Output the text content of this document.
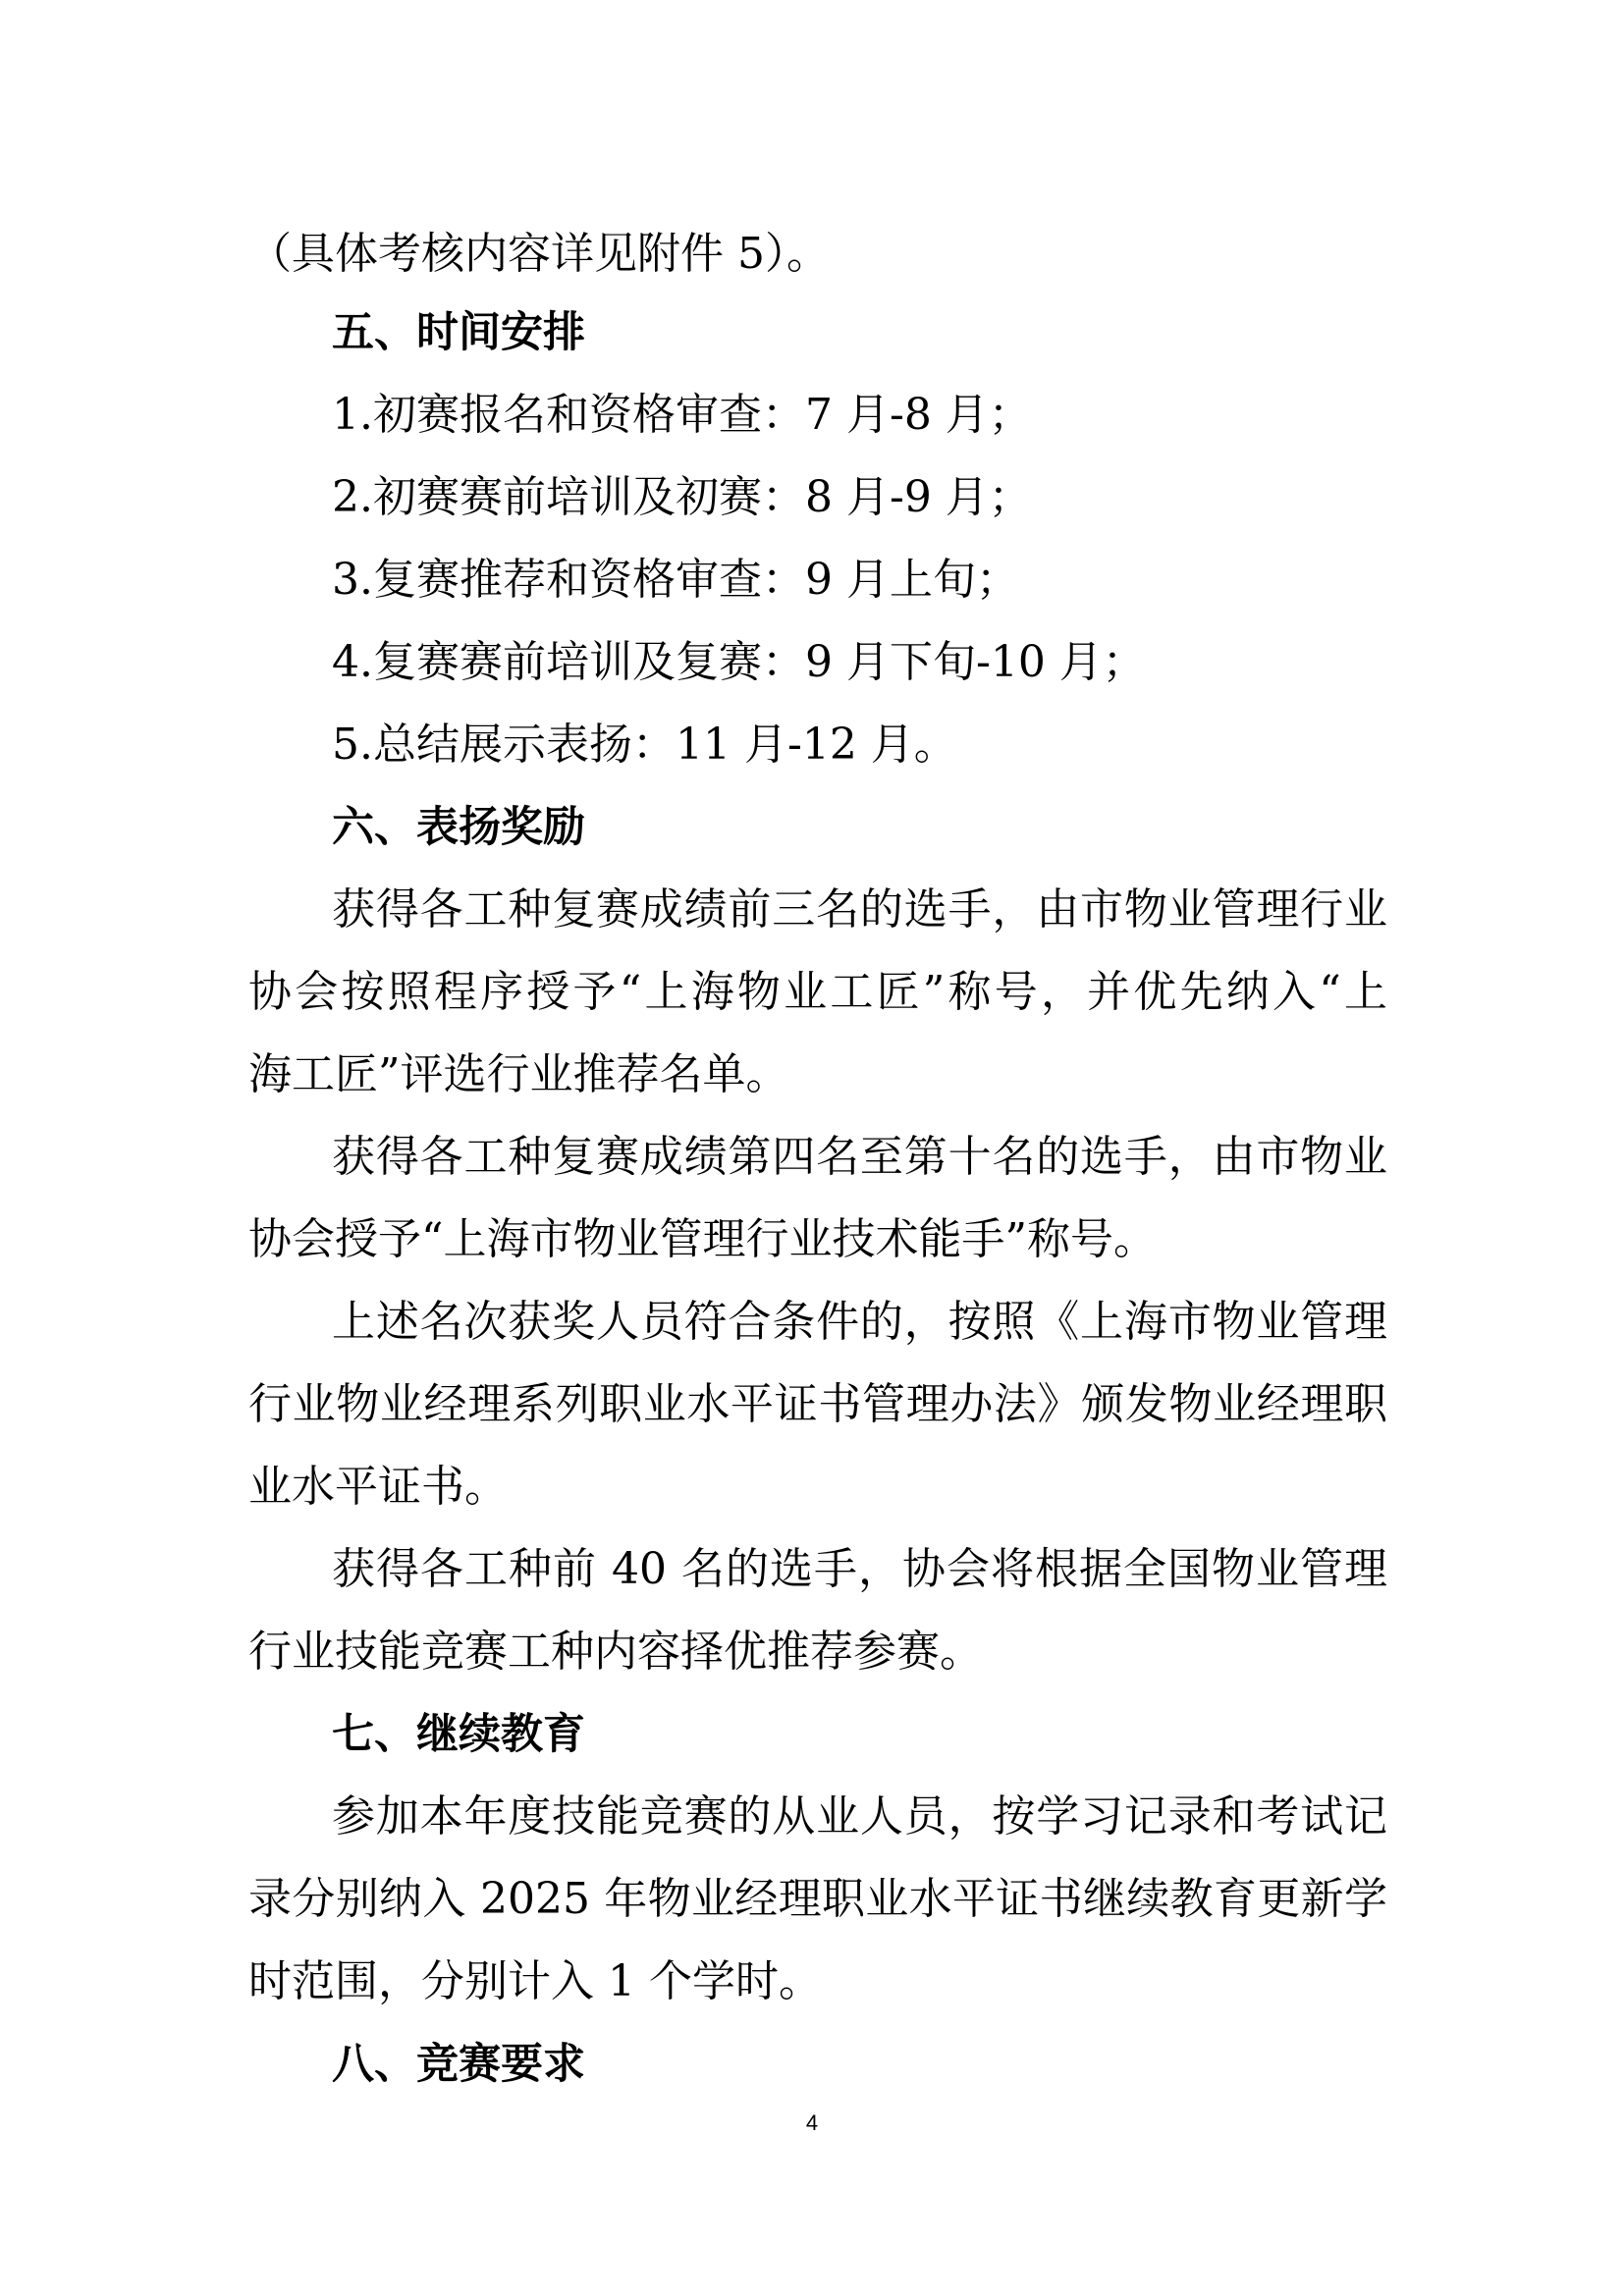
（具体考核内容详见附件 5）。
五、时间安排
1.初赛报名和资格审查：7 月-8 月；
2.初赛赛前培训及初赛：8 月-9 月；
3.复赛推荐和资格审查：9 月上旬；
4.复赛赛前培训及复赛：9 月下旬-10 月；
5.总结展示表扬：11 月-12 月。
六、表扬奖励
获得各工种复赛成绩前三名的选手，由市物业管理行业
协会按照程序授予“上海物业工匠”称号，并优先纳入“上
海工匠”评选行业推荐名单。
获得各工种复赛成绩第四名至第十名的选手，由市物业
协会授予“上海市物业管理行业技术能手”称号。
上述名次获奖人员符合条件的，按照《上海市物业管理
行业物业经理系列职业水平证书管理办法》颁发物业经理职
业水平证书。
获得各工种前 40 名的选手，协会将根据全国物业管理
行业技能竞赛工种内容择优推荐参赛。
七、继续教育
参加本年度技能竞赛的从业人员，按学习记录和考试记
录分别纳入 2025 年物业经理职业水平证书继续教育更新学
时范围，分别计入 1 个学时。
八、竞赛要求
4
